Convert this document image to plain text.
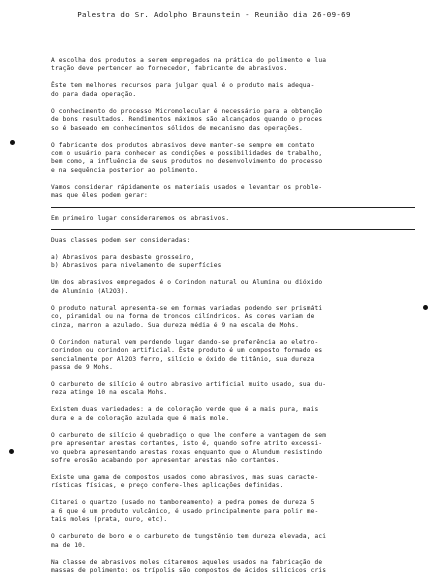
Palestra do Sr. Adolpho Braunstein - Reunião dia 26-09-69

A escolha dos produtos a serem empregados na prática do polimento e lua
tração deve pertencer ao fornecedor, fabricante de abrasivos.

Êste tem melhores recursos para julgar qual é o produto mais adequa-
do para dada operação.

O conhecimento do processo Micromolecular é necessário para a obtenção
de bons resultados. Rendimentos máximos são alcançados quando o proces
so é baseado em conhecimentos sólidos de mecanismo das operações.

O fabricante dos produtos abrasivos deve manter-se sempre em contato
com o usuário para conhecer as condições e possibilidades de trabalho,
bem como, a influência de seus produtos no desenvolvimento do processo
e na sequência posterior ao polimento.

Vamos considerar rápidamente os materiais usados e levantar os proble-
mas que êles podem gerar:

Em primeiro lugar consideraremos os abrasivos.

Duas classes podem ser consideradas:

a) Abrasivos para desbaste grosseiro,
b) Abrasivos para nivelamento de superfícies

Um dos abrasivos empregados é o Corindon natural ou Alumina ou dióxido
de Alumínio (Al2O3).

O produto natural apresenta-se em formas variadas podendo ser prismáti
co, piramidal ou na forma de troncos cilíndricos. As cores variam de
cinza, marron a azulado. Sua dureza média é 9 na escala de Mohs.

O Corindon natural vem perdendo lugar dando-se preferência ao eletro-
corindon ou corindon artificial. Êste produto é um composto formado es
sencialmente por Al2O3 ferro, silício e óxido de titânio, sua dureza
passa de 9 Mohs.

O carbureto de silício é outro abrasivo artificial muito usado, sua du-
reza atinge 10 na escala Mohs.

Existem duas variedades: a de coloração verde que é a mais pura, mais
dura e a de coloração azulada que é mais mole.

O carbureto de silício é quebradiço o que lhe confere a vantagem de sem
pre apresentar arestas cortantes, isto é, quando sofre atrito excessi-
vo quebra apresentando arestas roxas enquanto que o Alundum resistindo
sofre erosão acabando por apresentar arestas não cortantes.

Existe uma gama de compostos usados como abrasivos, mas suas caracte-
rísticas físicas, e preço confere-lhes aplicações definidas.

Citarei o quartzo (usado no tamboreamento) a pedra pomes de dureza 5
a 6 que é um produto vulcânico, é usado principalmente para polir me-
tais moles (prata, ouro, etc).

O carbureto de boro e o carbureto de tungstênio tem dureza elevada, aci
ma de 10.

Na classe de abrasivos moles citaremos aqueles usados na fabricação de
massas de polimento: os trípolis são compostos de ácidos silícicos cris
